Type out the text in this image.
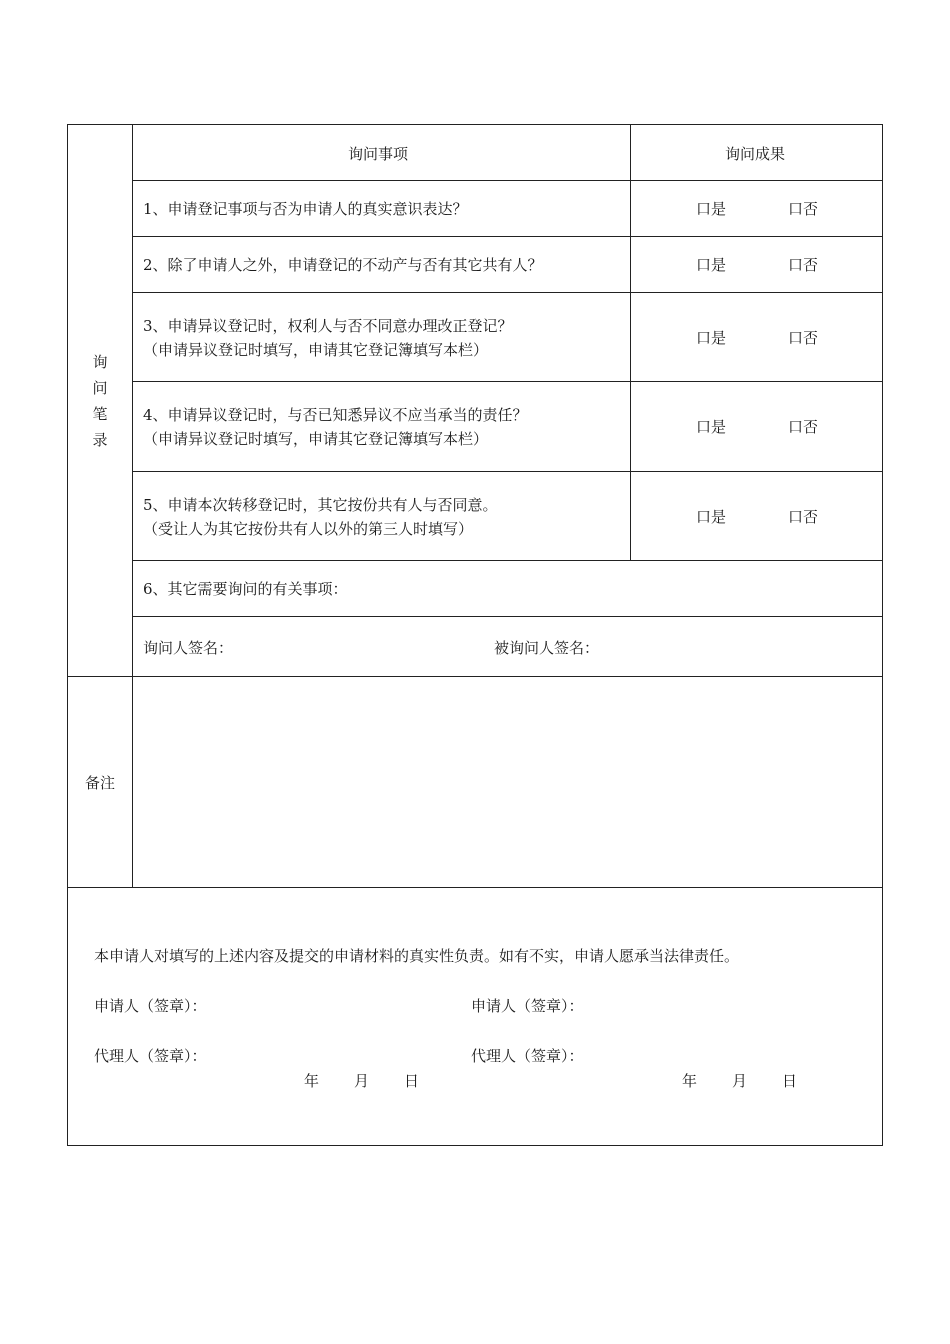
询
问
笔
录
备注
询问事项	询问成果
1、申请登记事项与否为申请人的真实意识表达？	口是	口否
2、除了申请人之外，申请登记的不动产与否有其它共有人？	口是	口否
3、申请异议登记时，权利人与否不同意办理改正登记？
（申请异议登记时填写，申请其它登记簿填写本栏）
口是	口否
4、申请异议登记时，与否已知悉异议不应当承当的责任？
（申请异议登记时填写，申请其它登记簿填写本栏）
口是	口否
5、申请本次转移登记时，其它按份共有人与否同意。
（受让人为其它按份共有人以外的第三人时填写）
口是	口否
6、其它需要询问的有关事项：
询问人签名：	被询问人签名：
本申请人对填写的上述内容及提交的申请材料的真实性负责。如有不实，申请人愿承当法律责任。
申请人（签章）：	申请人（签章）：
代理人（签章）：	代理人（签章）：
年 月 日	年 月 日
